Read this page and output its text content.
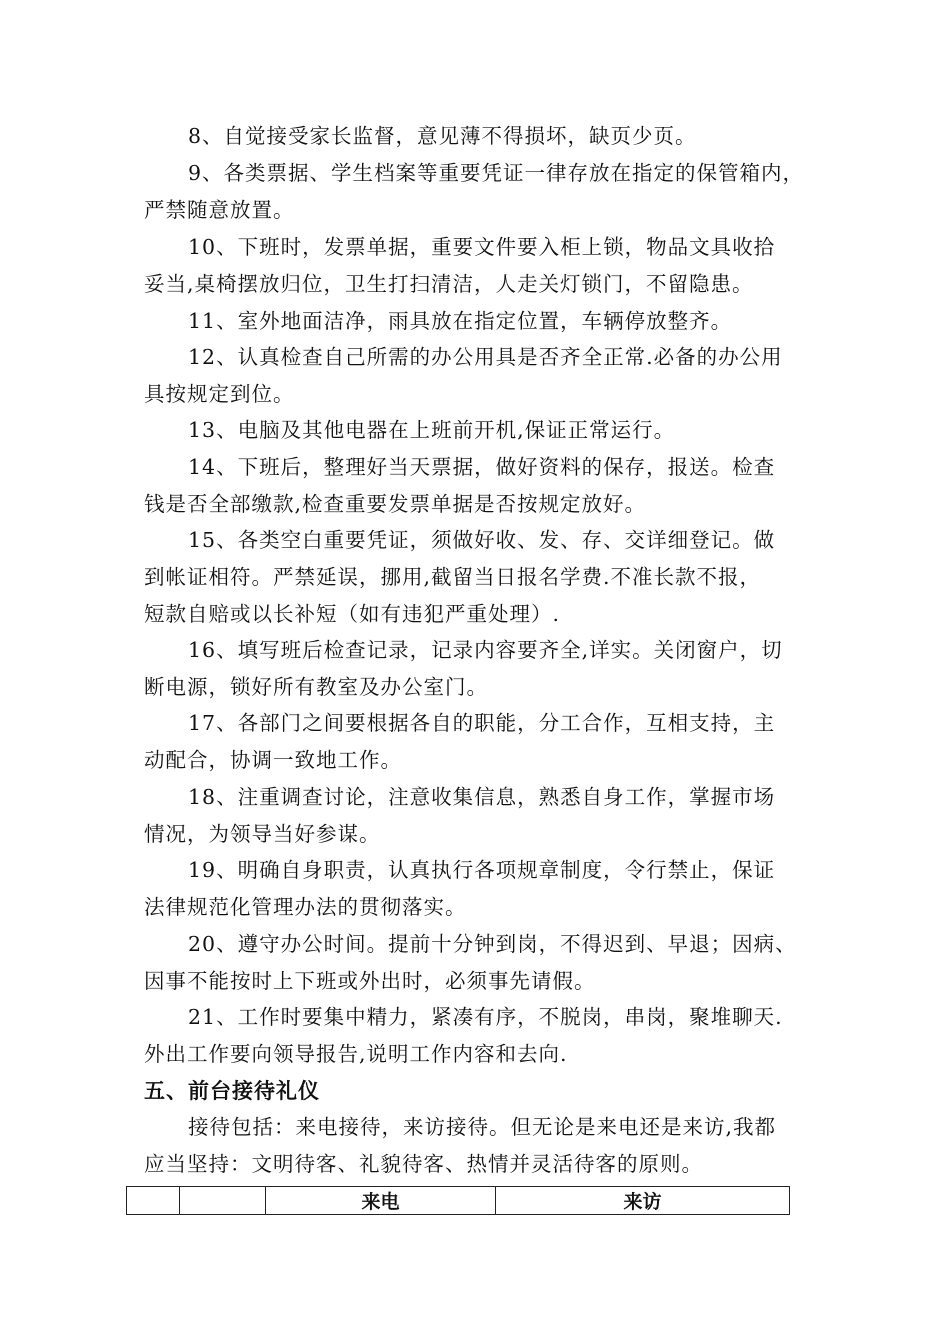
8、自觉接受家长监督，意见薄不得损坏，缺页少页。

9、各类票据、学生档案等重要凭证一律存放在指定的保管箱内，
严禁随意放置。

10、下班时，发票单据，重要文件要入柜上锁，物品文具收拾
妥当,桌椅摆放归位，卫生打扫清洁，人走关灯锁门，不留隐患。

11、室外地面洁净，雨具放在指定位置，车辆停放整齐。

12、认真检查自己所需的办公用具是否齐全正常.必备的办公用
具按规定到位。

13、电脑及其他电器在上班前开机,保证正常运行。

14、下班后，整理好当天票据，做好资料的保存，报送。检查
钱是否全部缴款,检查重要发票单据是否按规定放好。

15、各类空白重要凭证，须做好收、发、存、交详细登记。做
到帐证相符。严禁延误，挪用,截留当日报名学费.不准长款不报，
短款自赔或以长补短（如有违犯严重处理）.

16、填写班后检查记录，记录内容要齐全,详实。关闭窗户，切
断电源，锁好所有教室及办公室门。

17、各部门之间要根据各自的职能，分工合作，互相支持，主
动配合，协调一致地工作。

18、注重调查讨论，注意收集信息，熟悉自身工作，掌握市场
情况，为领导当好参谋。

19、明确自身职责，认真执行各项规章制度，令行禁止，保证
法律规范化管理办法的贯彻落实。

20、遵守办公时间。提前十分钟到岗，不得迟到、早退；因病、
因事不能按时上下班或外出时，必须事先请假。

21、工作时要集中精力，紧凑有序，不脱岗，串岗，聚堆聊天.
外出工作要向领导报告,说明工作内容和去向.

五、前台接待礼仪

接待包括：来电接待，来访接待。但无论是来电还是来访,我都
应当坚持：文明待客、礼貌待客、热情并灵活待客的原则。

		来电	来访
